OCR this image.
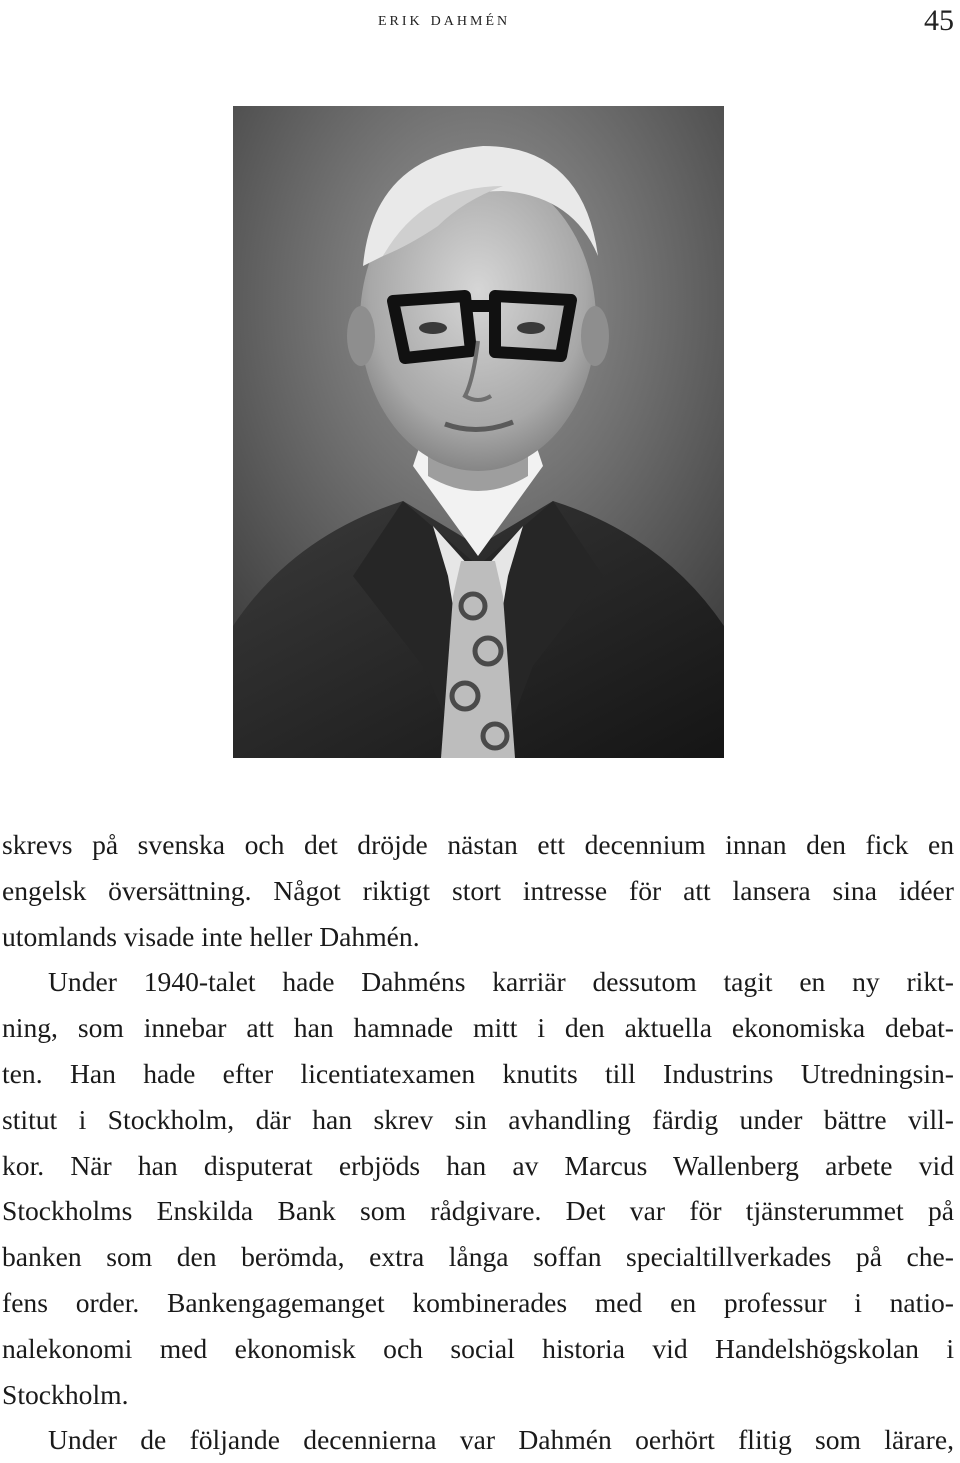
erik dahmén	45

skrevs på svenska och det dröjde nästan ett decennium innan den fick en
engelsk översättning. Något riktigt stort intresse för att lansera sina idéer
utomlands visade inte heller Dahmén.

Under 1940-talet hade Dahméns karriär dessutom tagit en ny rikt-
ning, som innebar att han hamnade mitt i den aktuella ekonomiska debat-
ten. Han hade efter licentiatexamen knutits till Industrins Utredningsin-
stitut i Stockholm, där han skrev sin avhandling färdig under bättre vill-
kor. När han disputerat erbjöds han av Marcus Wallenberg arbete vid
Stockholms Enskilda Bank som rådgivare. Det var för tjänsterummet på
banken som den berömda, extra långa soffan specialtillverkades på che-
fens order. Bankengagemanget kombinerades med en professur i natio-
nalekonomi med ekonomisk och social historia vid Handelshögskolan i
Stockholm.

Under de följande decennierna var Dahmén oerhört flitig som lärare,
